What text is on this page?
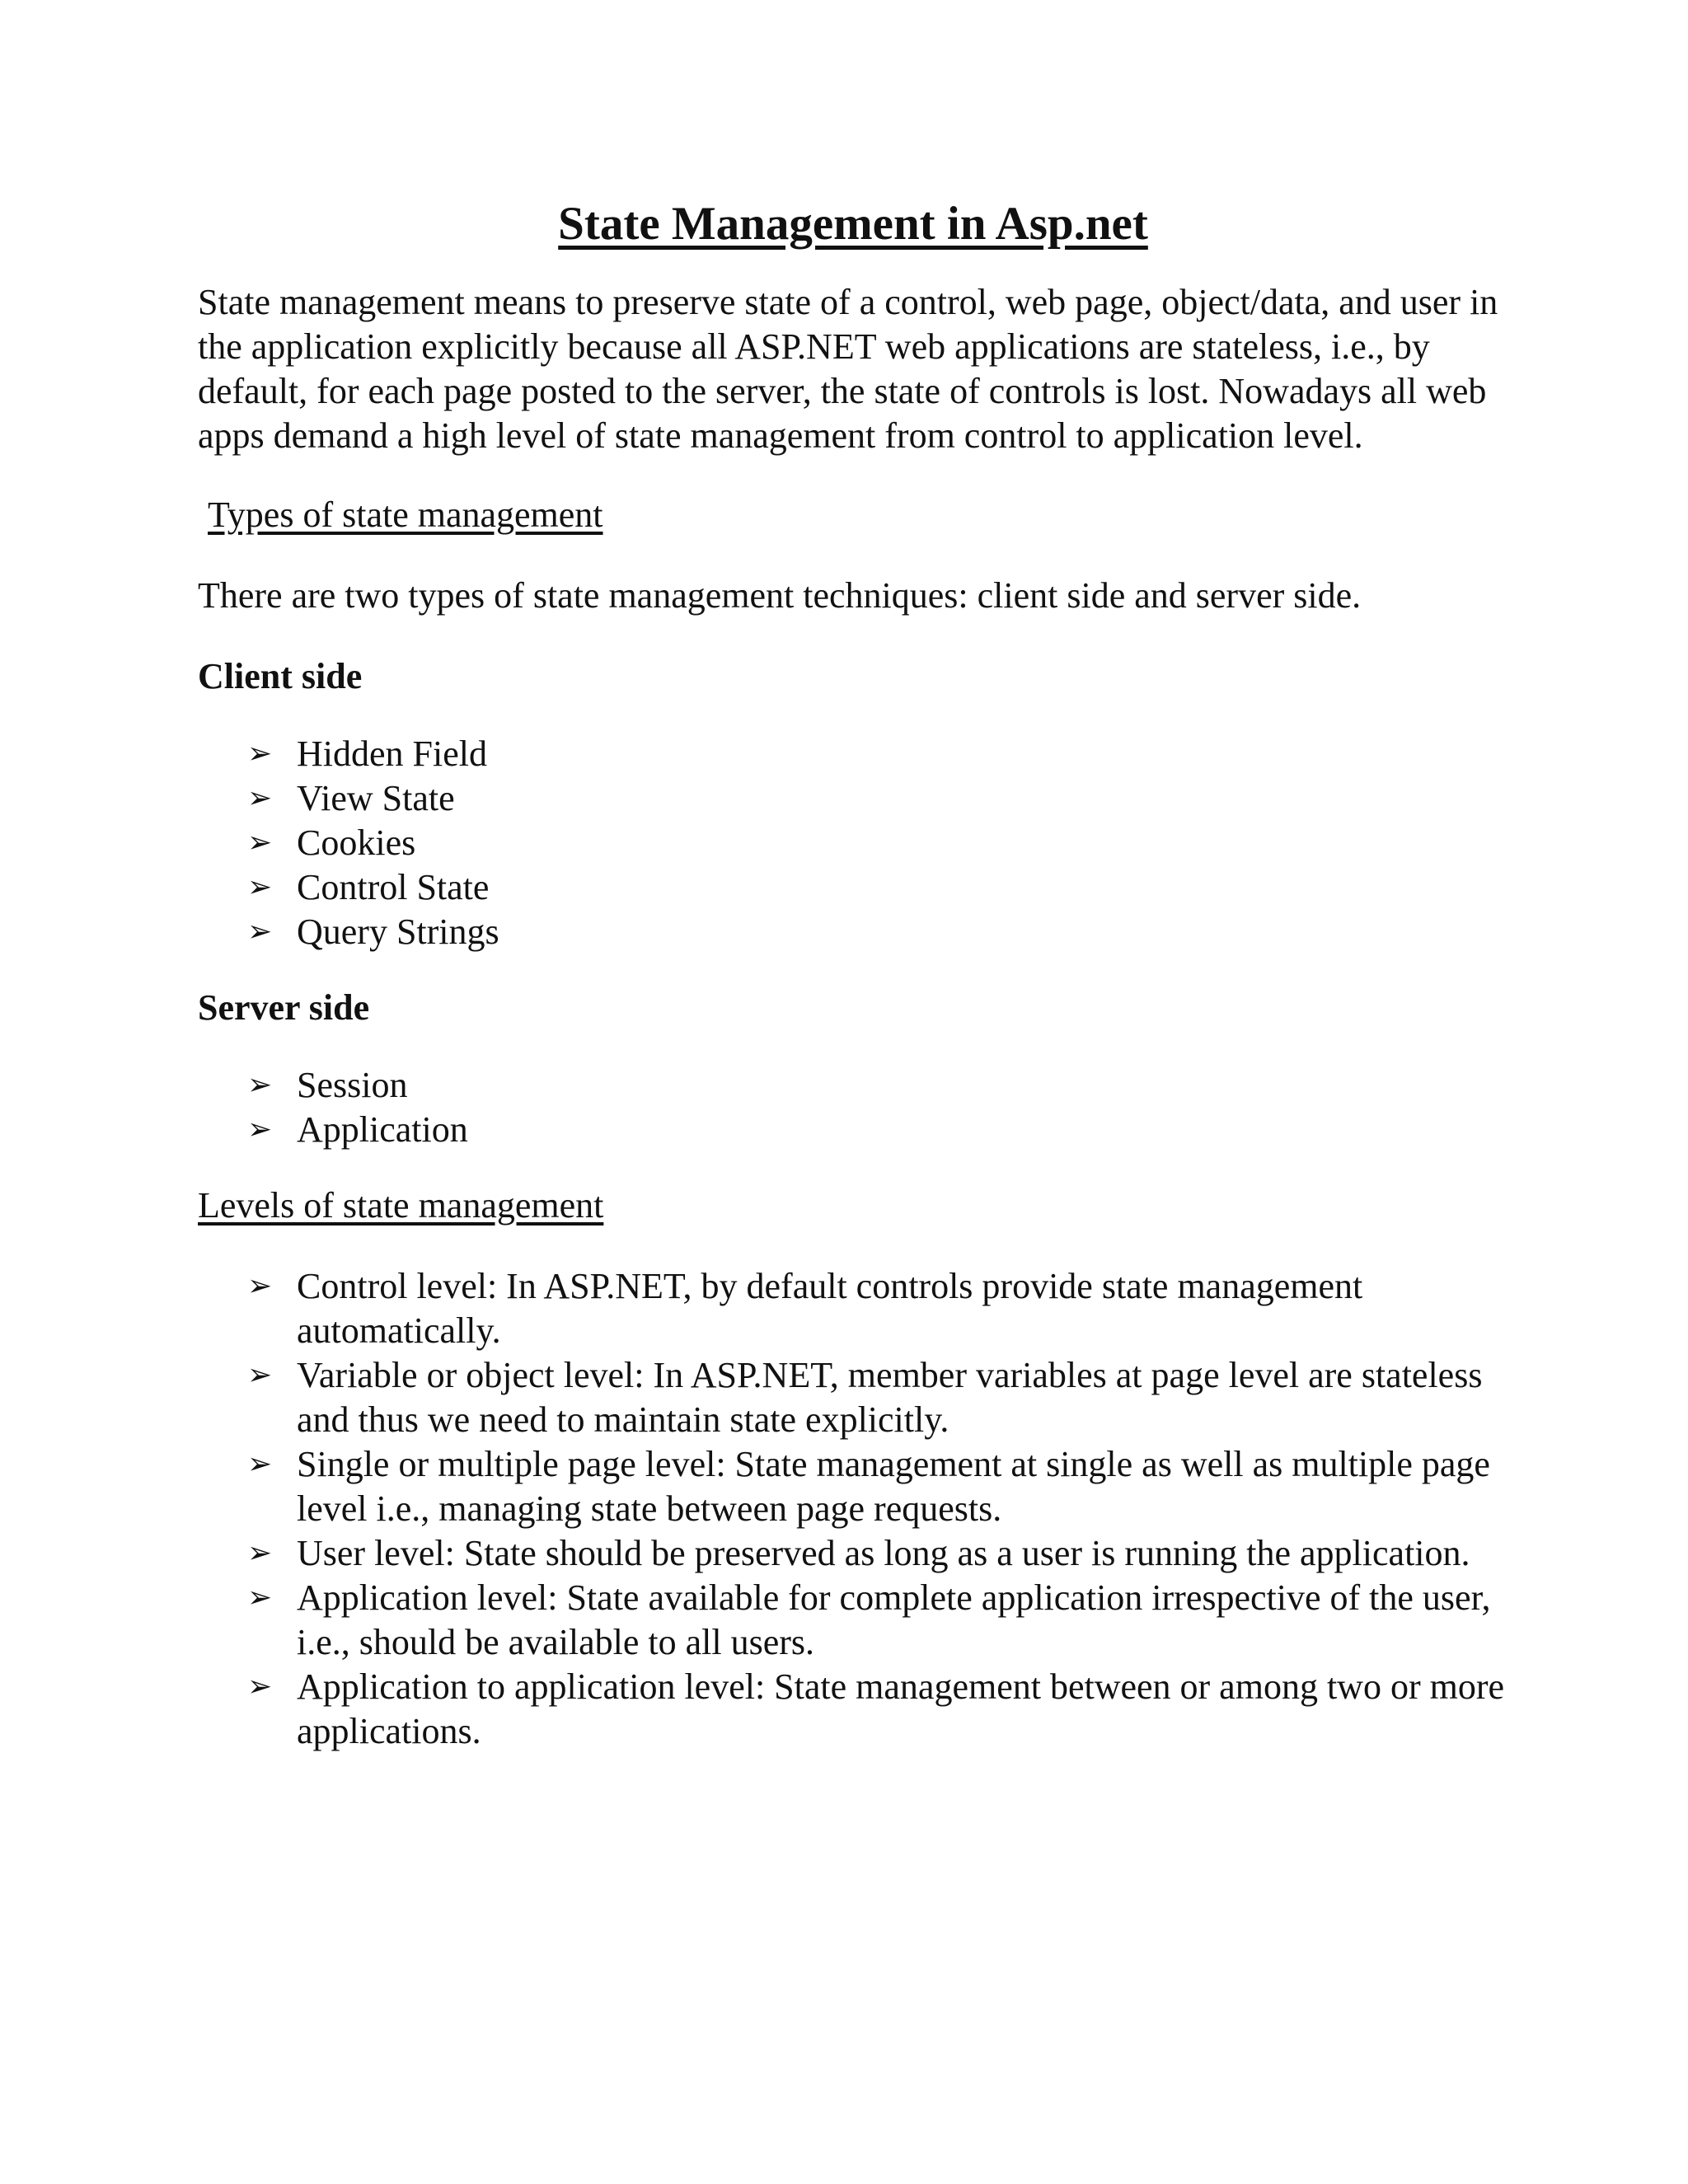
State Management in Asp.net

State management means to preserve state of a control, web page, object/data, and user in the application explicitly because all ASP.NET web applications are stateless, i.e., by default, for each page posted to the server, the state of controls is lost. Nowadays all web apps demand a high level of state management from control to application level.

Types of state management

There are two types of state management techniques: client side and server side.

Client side

➢ Hidden Field
➢ View State
➢ Cookies
➢ Control State
➢ Query Strings

Server side

➢ Session
➢ Application

Levels of state management

➢ Control level: In ASP.NET, by default controls provide state management automatically.
➢ Variable or object level: In ASP.NET, member variables at page level are stateless and thus we need to maintain state explicitly.
➢ Single or multiple page level: State management at single as well as multiple page level i.e., managing state between page requests.
➢ User level: State should be preserved as long as a user is running the application.
➢ Application level: State available for complete application irrespective of the user, i.e., should be available to all users.
➢ Application to application level: State management between or among two or more applications.
